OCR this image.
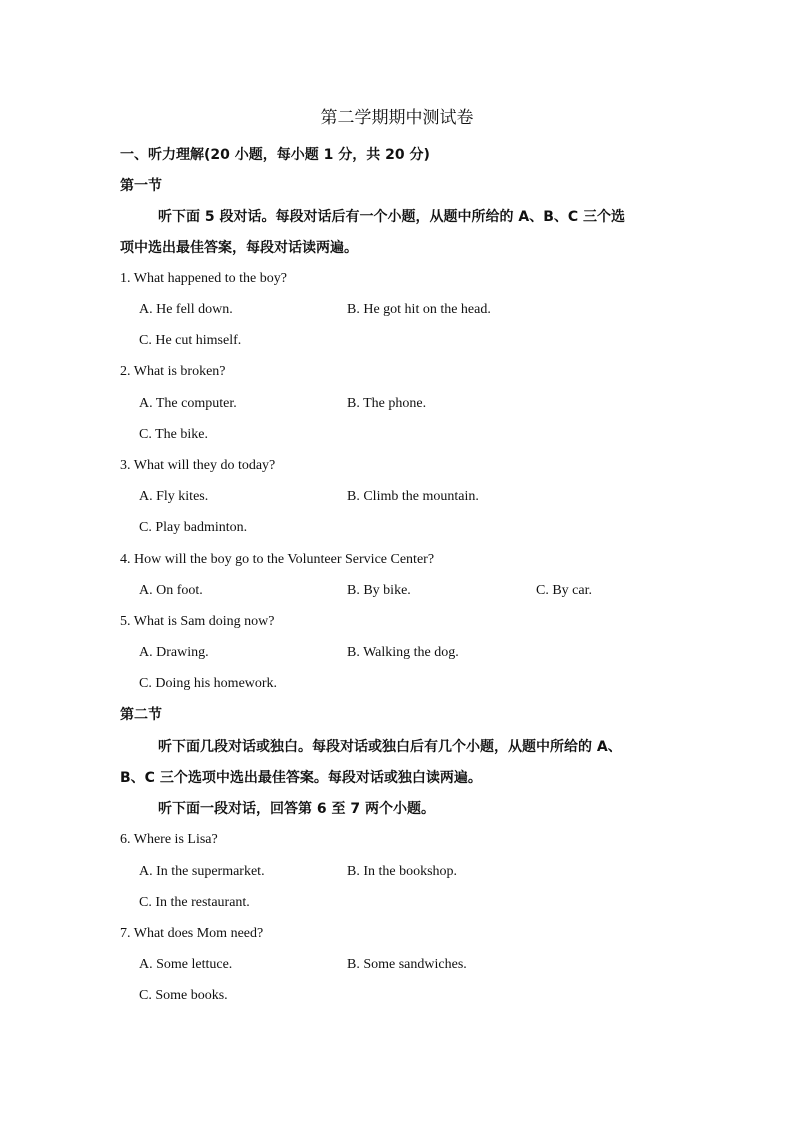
第二学期期中测试卷
一、听力理解(20 小题，每小题 1 分，共 20 分)
第一节
听下面 5 段对话。每段对话后有一个小题，从题中所给的 A、B、C 三个选
项中选出最佳答案，每段对话读两遍。
1. What happened to the boy?
A. He fell down.	B. He got hit on the head.
C. He cut himself.
2. What is broken?
A. The computer.	B. The phone.
C. The bike.
3. What will they do today?
A. Fly kites.	B. Climb the mountain.
C. Play badminton.
4. How will the boy go to the Volunteer Service Center?
A. On foot.	B. By bike.	C. By car.
5. What is Sam doing now?
A. Drawing.	B. Walking the dog.
C. Doing his homework.
第二节
听下面几段对话或独白。每段对话或独白后有几个小题，从题中所给的 A、
B、C 三个选项中选出最佳答案。每段对话或独白读两遍。
听下面一段对话，回答第 6 至 7 两个小题。
6. Where is Lisa?
A. In the supermarket.	B. In the bookshop.
C. In the restaurant.
7. What does Mom need?
A. Some lettuce.	B. Some sandwiches.
C. Some books.
